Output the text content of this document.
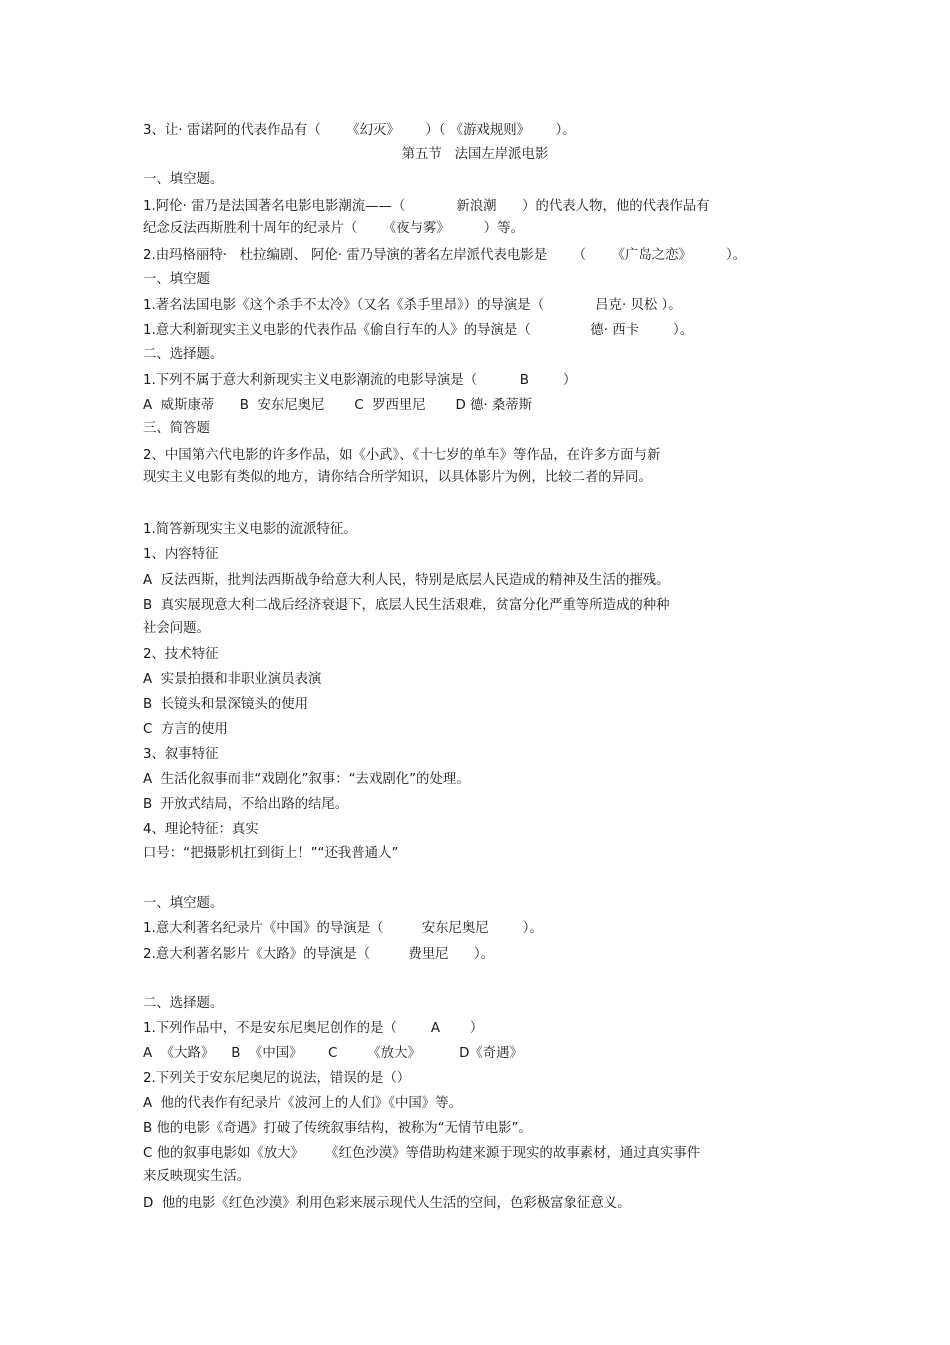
3、让· 雷诺阿的代表作品有（      《幻灭》      ）（ 《游戏规则》      ）。
第五节   法国左岸派电影
一、填空题。
1.阿伦· 雷乃是法国著名电影电影潮流——（            新浪潮      ）的代表人物，他的代表作品有
纪念反法西斯胜利十周年的纪录片（      《夜与雾》        ）等。
2.由玛格丽特·   杜拉编剧、 阿伦· 雷乃导演的著名左岸派代表电影是      （      《广岛之恋》        ）。
一、填空题
1.著名法国电影《这个杀手不太冷》（又名《杀手里昂》）的导演是（            吕克· 贝松 ）。
1.意大利新现实主义电影的代表作品《偷自行车的人》的导演是（              德· 西卡        ）。
二、选择题。
1.下列不属于意大利新现实主义电影潮流的电影导演是（          B        ）
A  威斯康蒂      B  安东尼奥尼       C  罗西里尼       D 德· 桑蒂斯
三、简答题
2、中国第六代电影的许多作品，如《小武》、《十七岁的单车》等作品，在许多方面与新
现实主义电影有类似的地方，请你结合所学知识，以具体影片为例，比较二者的异同。
1.简答新现实主义电影的流派特征。
1、内容特征
A  反法西斯，批判法西斯战争给意大利人民，特别是底层人民造成的精神及生活的摧残。
B  真实展现意大利二战后经济衰退下，底层人民生活艰难，贫富分化严重等所造成的种种
社会问题。
2、技术特征
A  实景拍摄和非职业演员表演
B  长镜头和景深镜头的使用
C  方言的使用
3、叙事特征
A  生活化叙事而非“戏剧化”叙事：“去戏剧化”的处理。
B  开放式结局，不给出路的结尾。
4、理论特征：真实
口号：“把摄影机扛到街上！”“还我普通人”
一、填空题。
1.意大利著名纪录片《中国》的导演是（         安东尼奥尼        ）。
2.意大利著名影片《大路》的导演是（         费里尼      ）。
二、选择题。
1.下列作品中，不是安东尼奥尼创作的是（        A       ）
A  《大路》    B  《中国》      C       《放大》         D《奇遇》
2.下列关于安东尼奥尼的说法，错误的是（）
A  他的代表作有纪录片《波河上的人们》《中国》等。
B 他的电影《奇遇》打破了传统叙事结构，被称为“无情节电影”。
C 他的叙事电影如《放大》     《红色沙漠》等借助构建来源于现实的故事素材，通过真实事件
来反映现实生活。
D  他的电影《红色沙漠》利用色彩来展示现代人生活的空间，色彩极富象征意义。
